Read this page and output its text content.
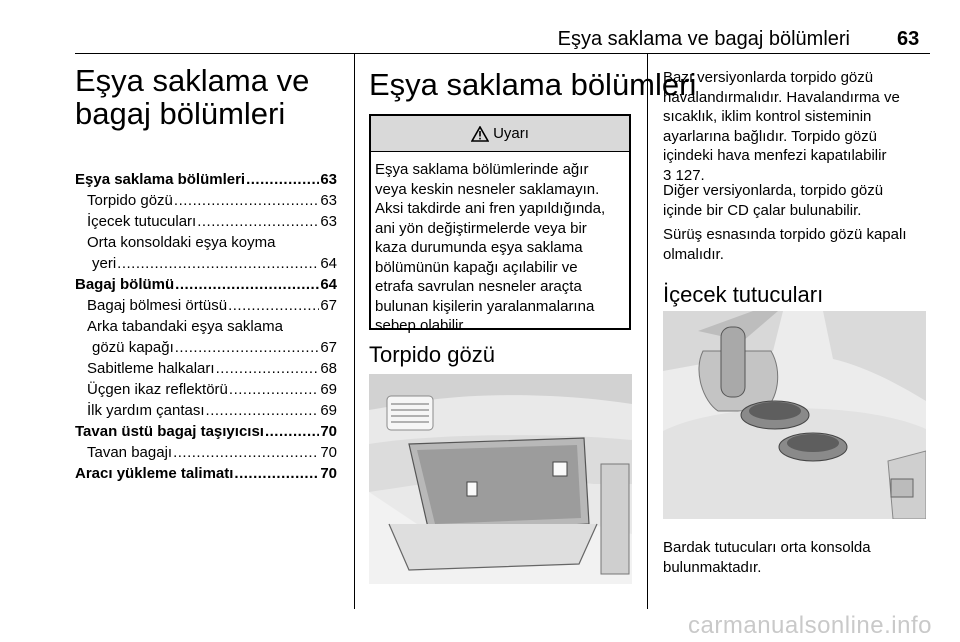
Eşya saklama ve bagaj bölümleri 63
Eşya saklama ve
bagaj bölümleri
Eşya saklama bölümleri .....	63
Torpido gözü .....	63
İçecek tutucuları .....	63
Orta konsoldaki eşya koyma
yeri .....	64
Bagaj bölümü .....	64
Bagaj bölmesi örtüsü .....	67
Arka tabandaki eşya saklama
gözü kapağı .....	67
Sabitleme halkaları .....	68
Üçgen ikaz reflektörü .....	69
İlk yardım çantası .....	69
Tavan üstü bagaj taşıyıcısı .....	70
Tavan bagajı .....	70
Aracı yükleme talimatı .....	70
Eşya saklama bölümleri
Uyarı
Eşya saklama bölümlerinde ağır
veya keskin nesneler saklamayın.
Aksi takdirde ani fren yapıldığında,
ani yön değiştirmelerde veya bir
kaza durumunda eşya saklama
bölümünün kapağı açılabilir ve
etrafa savrulan nesneler araçta
bulunan kişilerin yaralanmalarına
sebep olabilir.
Torpido gözü
Bazı versiyonlarda torpido gözü
havalandırmalıdır. Havalandırma ve
sıcaklık, iklim kontrol sisteminin
ayarlarına bağlıdır. Torpido gözü
içindeki hava menfezi kapatılabilir
3 127.
Diğer versiyonlarda, torpido gözü
içinde bir CD çalar bulunabilir.
Sürüş esnasında torpido gözü kapalı
olmalıdır.
İçecek tutucuları
Bardak tutucuları orta konsolda
bulunmaktadır.
carmanualsonline.info
